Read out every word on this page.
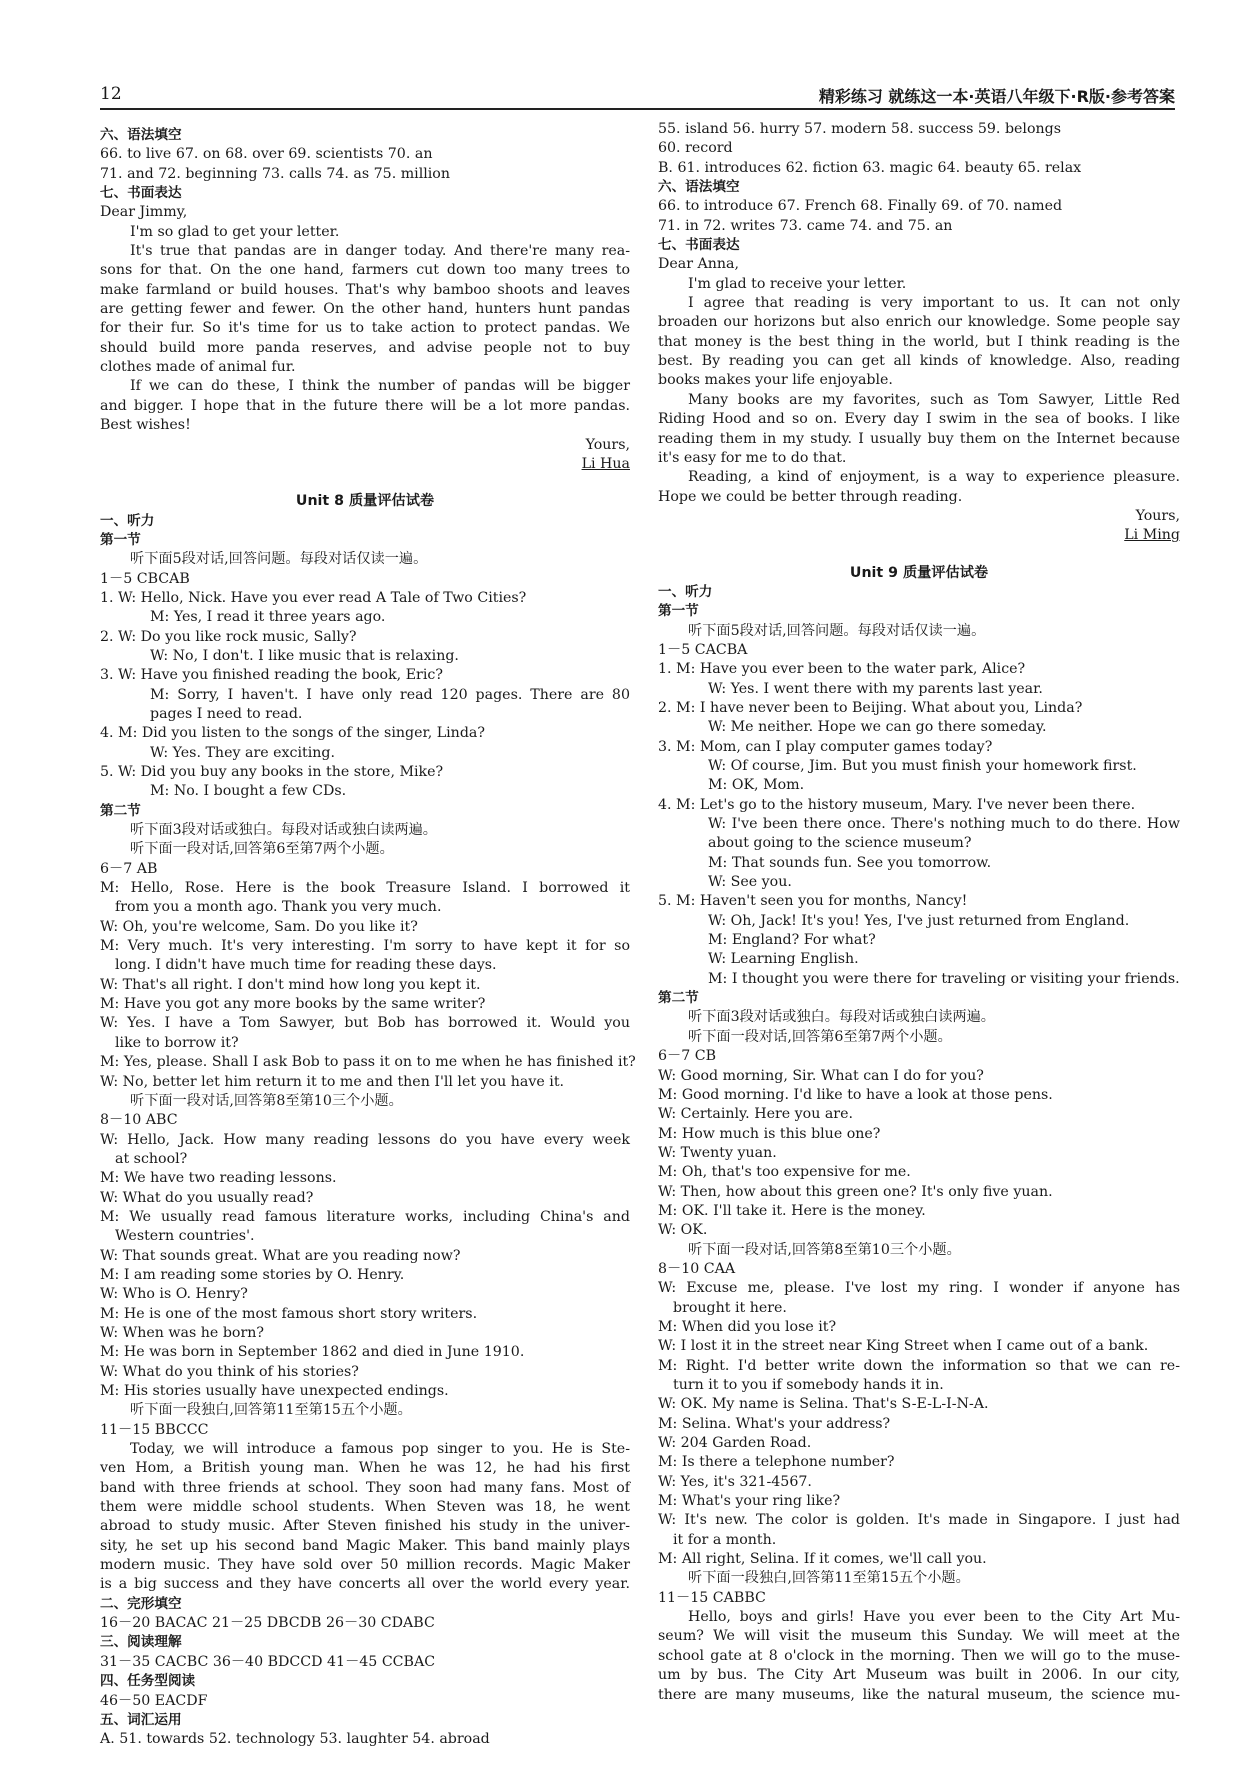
12	精彩练习 就练这一本·英语八年级下·R版·参考答案
六、语法填空
66. to live 67. on 68. over 69. scientists 70. an
71. and 72. beginning 73. calls 74. as 75. million
七、书面表达
Dear Jimmy,
I'm so glad to get your letter.
It's true that pandas are in danger today. And there're many rea-
sons for that. On the one hand, farmers cut down too many trees to
make farmland or build houses. That's why bamboo shoots and leaves
are getting fewer and fewer. On the other hand, hunters hunt pandas
for their fur. So it's time for us to take action to protect pandas. We
should build more panda reserves, and advise people not to buy
clothes made of animal fur.
If we can do these, I think the number of pandas will be bigger
and bigger. I hope that in the future there will be a lot more pandas.
Best wishes!
Yours,
Li Hua
Unit 8 质量评估试卷
一、听力
第一节
听下面5段对话,回答问题。每段对话仅读一遍。
1－5 CBCAB
1. W: Hello, Nick. Have you ever read A Tale of Two Cities?
M: Yes, I read it three years ago.
2. W: Do you like rock music, Sally?
W: No, I don't. I like music that is relaxing.
3. W: Have you finished reading the book, Eric?
M: Sorry, I haven't. I have only read 120 pages. There are 80
pages I need to read.
4. M: Did you listen to the songs of the singer, Linda?
W: Yes. They are exciting.
5. W: Did you buy any books in the store, Mike?
M: No. I bought a few CDs.
第二节
听下面3段对话或独白。每段对话或独白读两遍。
听下面一段对话,回答第6至第7两个小题。
6－7 AB
M: Hello, Rose. Here is the book Treasure Island. I borrowed it
from you a month ago. Thank you very much.
W: Oh, you're welcome, Sam. Do you like it?
M: Very much. It's very interesting. I'm sorry to have kept it for so
long. I didn't have much time for reading these days.
W: That's all right. I don't mind how long you kept it.
M: Have you got any more books by the same writer?
W: Yes. I have a Tom Sawyer, but Bob has borrowed it. Would you
like to borrow it?
M: Yes, please. Shall I ask Bob to pass it on to me when he has finished it?
W: No, better let him return it to me and then I'll let you have it.
听下面一段对话,回答第8至第10三个小题。
8－10 ABC
W: Hello, Jack. How many reading lessons do you have every week
at school?
M: We have two reading lessons.
W: What do you usually read?
M: We usually read famous literature works, including China's and
Western countries'.
W: That sounds great. What are you reading now?
M: I am reading some stories by O. Henry.
W: Who is O. Henry?
M: He is one of the most famous short story writers.
W: When was he born?
M: He was born in September 1862 and died in June 1910.
W: What do you think of his stories?
M: His stories usually have unexpected endings.
听下面一段独白,回答第11至第15五个小题。
11－15 BBCCC
Today, we will introduce a famous pop singer to you. He is Ste-
ven Hom, a British young man. When he was 12, he had his first
band with three friends at school. They soon had many fans. Most of
them were middle school students. When Steven was 18, he went
abroad to study music. After Steven finished his study in the univer-
sity, he set up his second band Magic Maker. This band mainly plays
modern music. They have sold over 50 million records. Magic Maker
is a big success and they have concerts all over the world every year.
二、完形填空
16－20 BACAC 21－25 DBCDB 26－30 CDABC
三、阅读理解
31－35 CACBC 36－40 BDCCD 41－45 CCBAC
四、任务型阅读
46－50 EACDF
五、词汇运用
A. 51. towards 52. technology 53. laughter 54. abroad
55. island 56. hurry 57. modern 58. success 59. belongs
60. record
B. 61. introduces 62. fiction 63. magic 64. beauty 65. relax
六、语法填空
66. to introduce 67. French 68. Finally 69. of 70. named
71. in 72. writes 73. came 74. and 75. an
七、书面表达
Dear Anna,
I'm glad to receive your letter.
I agree that reading is very important to us. It can not only
broaden our horizons but also enrich our knowledge. Some people say
that money is the best thing in the world, but I think reading is the
best. By reading you can get all kinds of knowledge. Also, reading
books makes your life enjoyable.
Many books are my favorites, such as Tom Sawyer, Little Red
Riding Hood and so on. Every day I swim in the sea of books. I like
reading them in my study. I usually buy them on the Internet because
it's easy for me to do that.
Reading, a kind of enjoyment, is a way to experience pleasure.
Hope we could be better through reading.
Yours,
Li Ming
Unit 9 质量评估试卷
一、听力
第一节
听下面5段对话,回答问题。每段对话仅读一遍。
1－5 CACBA
1. M: Have you ever been to the water park, Alice?
W: Yes. I went there with my parents last year.
2. M: I have never been to Beijing. What about you, Linda?
W: Me neither. Hope we can go there someday.
3. M: Mom, can I play computer games today?
W: Of course, Jim. But you must finish your homework first.
M: OK, Mom.
4. M: Let's go to the history museum, Mary. I've never been there.
W: I've been there once. There's nothing much to do there. How
about going to the science museum?
M: That sounds fun. See you tomorrow.
W: See you.
5. M: Haven't seen you for months, Nancy!
W: Oh, Jack! It's you! Yes, I've just returned from England.
M: England? For what?
W: Learning English.
M: I thought you were there for traveling or visiting your friends.
第二节
听下面3段对话或独白。每段对话或独白读两遍。
听下面一段对话,回答第6至第7两个小题。
6－7 CB
W: Good morning, Sir. What can I do for you?
M: Good morning. I'd like to have a look at those pens.
W: Certainly. Here you are.
M: How much is this blue one?
W: Twenty yuan.
M: Oh, that's too expensive for me.
W: Then, how about this green one? It's only five yuan.
M: OK. I'll take it. Here is the money.
W: OK.
听下面一段对话,回答第8至第10三个小题。
8－10 CAA
W: Excuse me, please. I've lost my ring. I wonder if anyone has
brought it here.
M: When did you lose it?
W: I lost it in the street near King Street when I came out of a bank.
M: Right. I'd better write down the information so that we can re-
turn it to you if somebody hands it in.
W: OK. My name is Selina. That's S-E-L-I-N-A.
M: Selina. What's your address?
W: 204 Garden Road.
M: Is there a telephone number?
W: Yes, it's 321-4567.
M: What's your ring like?
W: It's new. The color is golden. It's made in Singapore. I just had
it for a month.
M: All right, Selina. If it comes, we'll call you.
听下面一段独白,回答第11至第15五个小题。
11－15 CABBC
Hello, boys and girls! Have you ever been to the City Art Mu-
seum? We will visit the museum this Sunday. We will meet at the
school gate at 8 o'clock in the morning. Then we will go to the muse-
um by bus. The City Art Museum was built in 2006. In our city,
there are many museums, like the natural museum, the science mu-
